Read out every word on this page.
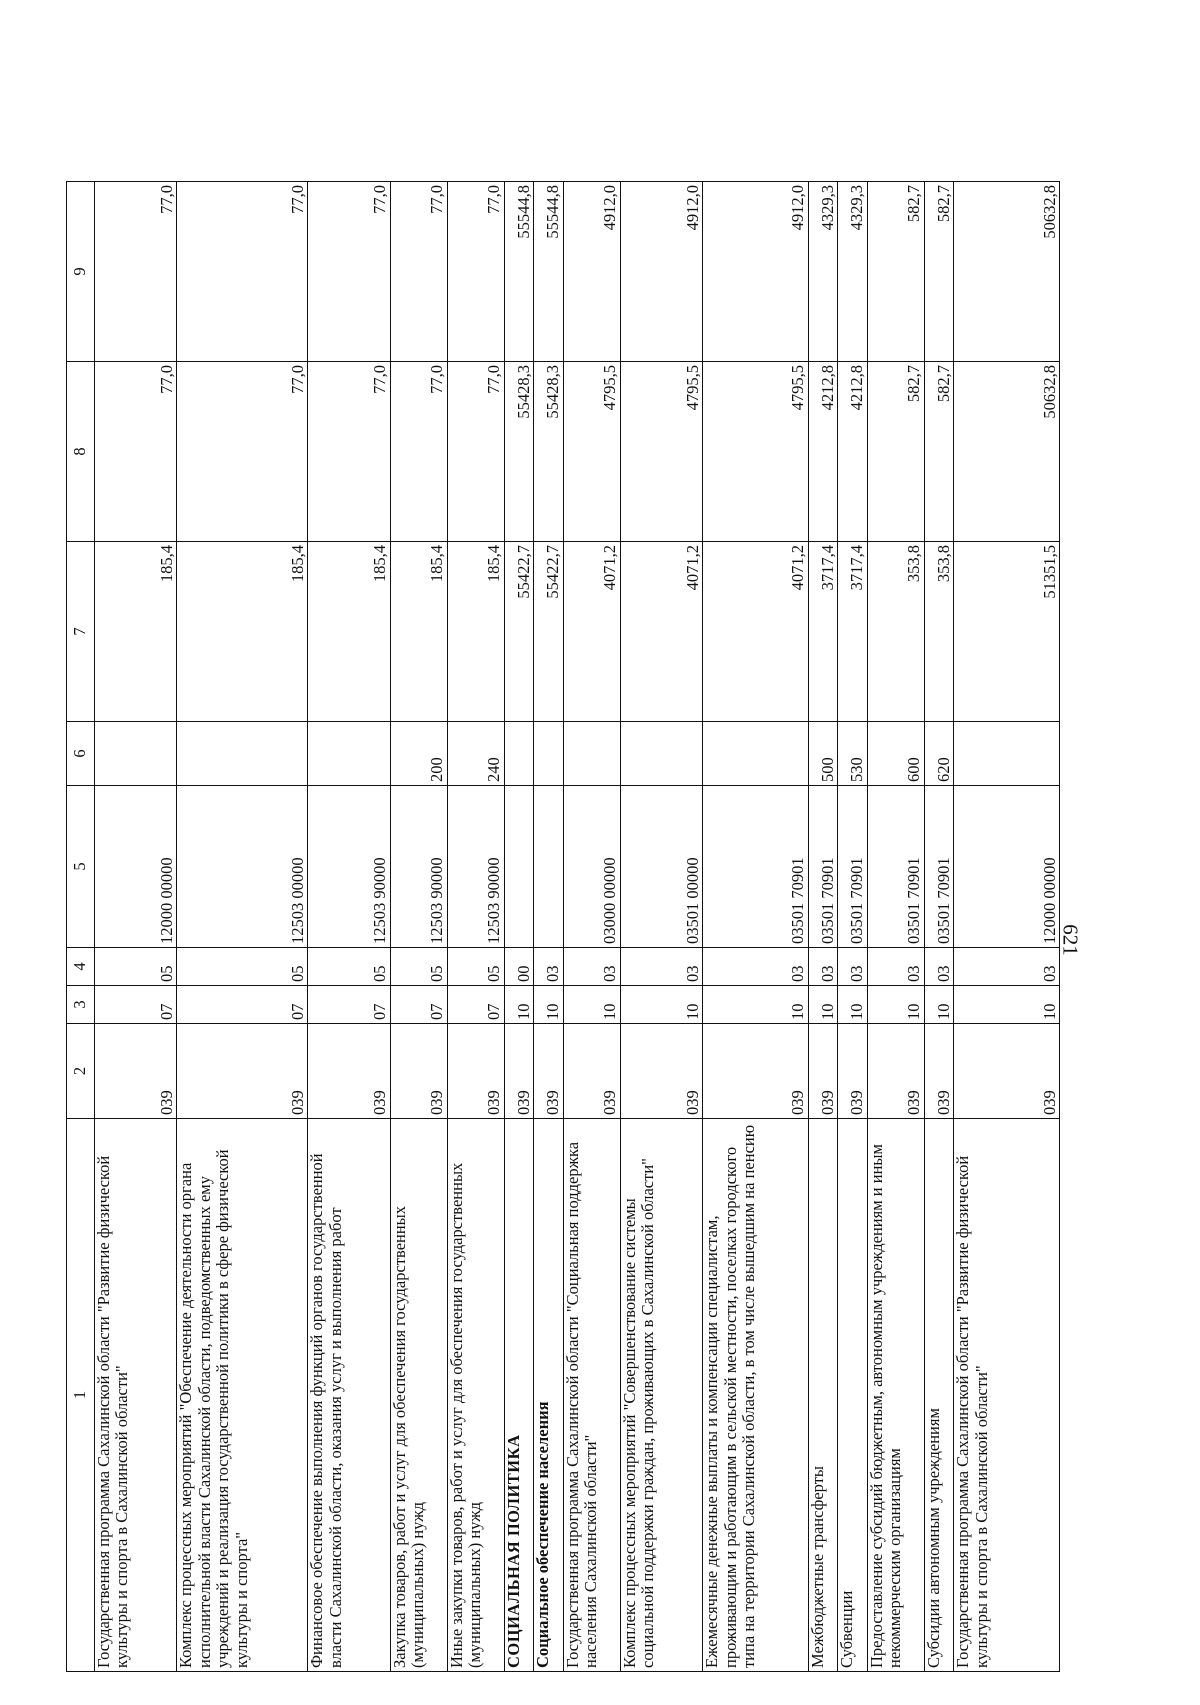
621
1	2	3	4	5	6	7	8	9
Государственная программа Сахалинской области "Развитие физической культуры и спорта в Сахалинской области"	039	07	05	12000 00000		185,4	77,0	77,0
Комплекс процессных мероприятий "Обеспечение деятельности органа исполнительной власти Сахалинской области, подведомственных ему учреждений и реализация государственной политики в сфере физической культуры и спорта"	039	07	05	12503 00000		185,4	77,0	77,0
Финансовое обеспечение выполнения функций органов государственной власти Сахалинской области, оказания услуг и выполнения работ	039	07	05	12503 90000		185,4	77,0	77,0
Закупка товаров, работ и услуг для обеспечения государственных (муниципальных) нужд	039	07	05	12503 90000	200	185,4	77,0	77,0
Иные закупки товаров, работ и услуг для обеспечения государственных (муниципальных) нужд	039	07	05	12503 90000	240	185,4	77,0	77,0
СОЦИАЛЬНАЯ ПОЛИТИКА	039	10	00			55422,7	55428,3	55544,8
Социальное обеспечение населения	039	10	03			55422,7	55428,3	55544,8
Государственная программа Сахалинской области "Социальная поддержка населения Сахалинской области"	039	10	03	03000 00000		4071,2	4795,5	4912,0
Комплекс процессных мероприятий "Совершенствование системы социальной поддержки граждан, проживающих в Сахалинской области"	039	10	03	03501 00000		4071,2	4795,5	4912,0
Ежемесячные денежные выплаты и компенсации специалистам, проживающим и работающим в сельской местности, поселках городского типа на территории Сахалинской области, в том числе вышедшим на пенсию	039	10	03	03501 70901		4071,2	4795,5	4912,0
Межбюджетные трансферты	039	10	03	03501 70901	500	3717,4	4212,8	4329,3
Субвенции	039	10	03	03501 70901	530	3717,4	4212,8	4329,3
Предоставление субсидий бюджетным, автономным учреждениям и иным некоммерческим организациям	039	10	03	03501 70901	600	353,8	582,7	582,7
Субсидии автономным учреждениям	039	10	03	03501 70901	620	353,8	582,7	582,7
Государственная программа Сахалинской области "Развитие физической культуры и спорта в Сахалинской области"	039	10	03	12000 00000		51351,5	50632,8	50632,8
